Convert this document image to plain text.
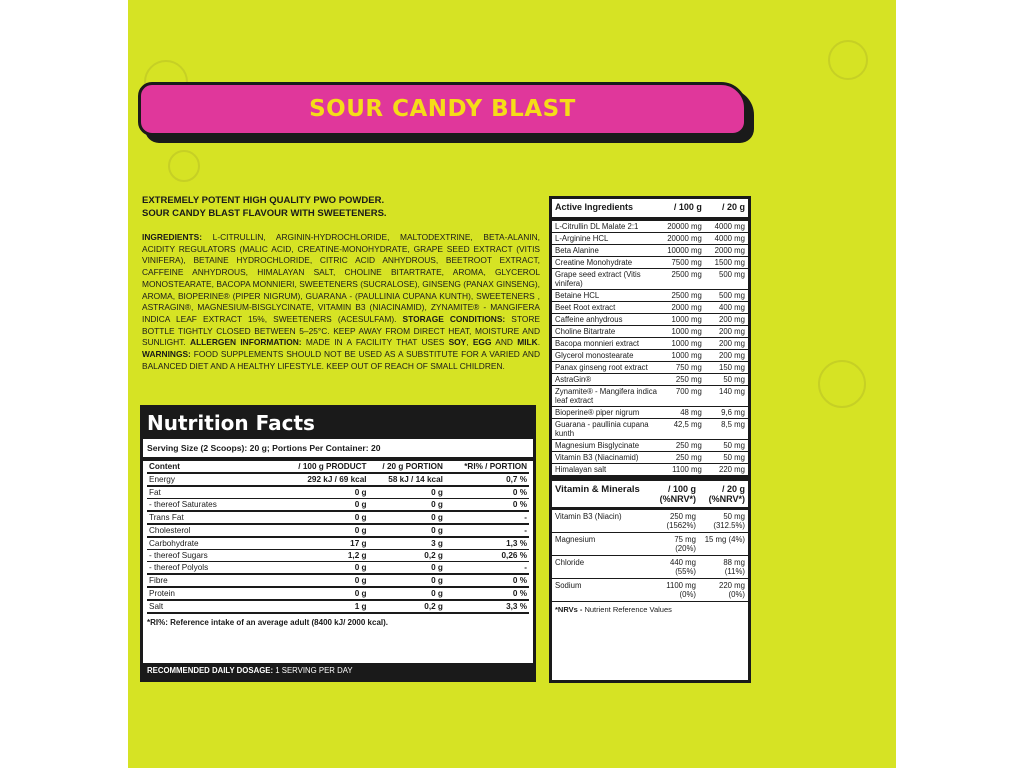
SOUR CANDY BLAST
EXTREMELY POTENT HIGH QUALITY PWO POWDER.
SOUR CANDY BLAST FLAVOUR WITH SWEETENERS.

INGREDIENTS: L-CITRULLIN, ARGININ-HYDROCHLORIDE, MALTODEXTRINE, BETA-ALANIN, ACIDITY REGULATORS (MALIC ACID, CREATINE-MONOHYDRATE, GRAPE SEED EXTRACT (VITIS VINIFERA), BETAINE HYDROCHLORIDE, CITRIC ACID ANHYDROUS, BEETROOT EXTRACT, CAFFEINE ANHYDROUS, HIMALAYAN SALT, CHOLINE BITARTRATE, AROMA, GLYCEROL MONOSTEARATE, BACOPA MONNIERI, SWEETENERS (SUCRALOSE), GINSENG (PANAX GINSENG), AROMA, BIOPERINE® (PIPER NIGRUM), GUARANA - (PAULLINIA CUPANA KUNTH), SWEETENERS , ASTRAGIN®, MAGNESIUM-BISGLYCINATE, VITAMIN B3 (NIACINAMID), ZYNAMITE® - MANGIFERA INDICA LEAF EXTRACT 15%, SWEETENERS (ACESULFAM). STORAGE CONDITIONS: STORE BOTTLE TIGHTLY CLOSED BETWEEN 5–25°C. KEEP AWAY FROM DIRECT HEAT, MOISTURE AND SUNLIGHT. ALLERGEN INFORMATION: MADE IN A FACILITY THAT USES SOY, EGG AND MILK. WARNINGS: FOOD SUPPLEMENTS SHOULD NOT BE USED AS A SUBSTITUTE FOR A VARIED AND BALANCED DIET AND A HEALTHY LIFESTYLE. KEEP OUT OF REACH OF SMALL CHILDREN.

Nutrition Facts
Serving Size (2 Scoops): 20 g; Portions Per Container: 20
Content	/ 100 g PRODUCT	/ 20 g PORTION	*RI% / PORTION
Energy	292 kJ / 69 kcal	58 kJ / 14 kcal	0,7 %
Fat	0 g	0 g	0 %
- thereof Saturates	0 g	0 g	0 %
Trans Fat	0 g	0 g	-
Cholesterol	0 g	0 g	-
Carbohydrate	17 g	3 g	1,3 %
- thereof Sugars	1,2 g	0,2 g	0,26 %
- thereof Polyols	0 g	0 g	-
Fibre	0 g	0 g	0 %
Protein	0 g	0 g	0 %
Salt	1 g	0,2 g	3,3 %
*RI%: Reference intake of an average adult (8400 kJ/ 2000 kcal).
RECOMMENDED DAILY DOSAGE: 1 SERVING PER DAY
Active Ingredients	/ 100 g	/ 20 g
L-Citrullin DL Malate 2:1	20000 mg	4000 mg
L-Arginine HCL	20000 mg	4000 mg
Beta Alanine	10000 mg	2000 mg
Creatine Monohydrate	7500 mg	1500 mg
Grape seed extract (Vitis vinifera)	2500 mg	500 mg
Betaine HCL	2500 mg	500 mg
Beet Root extract	2000 mg	400 mg
Caffeine anhydrous	1000 mg	200 mg
Choline Bitartrate	1000 mg	200 mg
Bacopa monnieri extract	1000 mg	200 mg
Glycerol monostearate	1000 mg	200 mg
Panax ginseng root extract	750 mg	150 mg
AstraGin®	250 mg	50 mg
Zynamite® - Mangifera indica leaf extract	700 mg	140 mg
Bioperine® piper nigrum	48 mg	9,6 mg
Guarana - paullinia cupana kunth	42,5 mg	8,5 mg
Magnesium Bisglycinate	250 mg	50 mg
Vitamin B3 (Niacinamid)	250 mg	50 mg
Himalayan salt	1100 mg	220 mg
Vitamin & Minerals	/ 100 g (%NRV*)	/ 20 g (%NRV*)
Vitamin B3 (Niacin)	250 mg (1562%)	50 mg (312.5%)
Magnesium	75 mg (20%)	15 mg (4%)
Chloride	440 mg (55%)	88 mg (11%)
Sodium	1100 mg (0%)	220 mg (0%)
*NRVs - Nutrient Reference Values
